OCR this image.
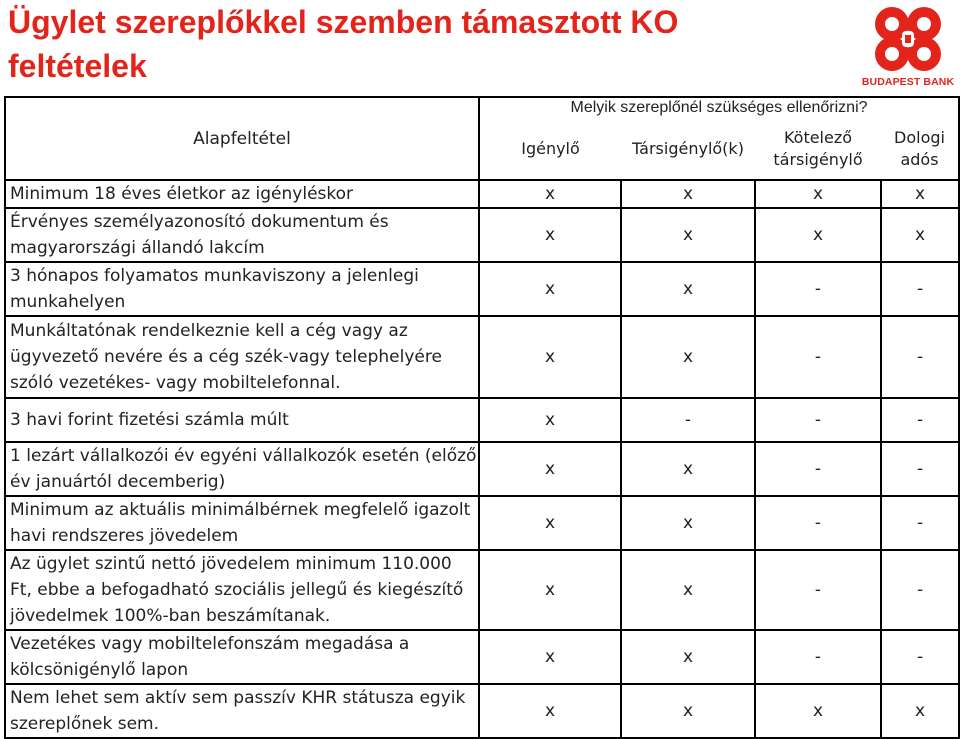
Ügylet szereplőkkel szemben támasztott KO feltételek	BUDAPEST BANK
Alapfeltétel	Melyik szereplőnél szükséges ellenőrizni?			
	Igénylő	Társigénylő(k)	Kötelező társigénylő	Dologi adós
Minimum 18 éves életkor az igényléskor	x	x	x	x
Érvényes személyazonosító dokumentum és magyarországi állandó lakcím	x	x	x	x
3 hónapos folyamatos munkaviszony a jelenlegi munkahelyen	x	x	-	-
Munkáltatónak rendelkeznie kell a cég vagy az ügyvezető nevére és a cég szék-vagy telephelyére szóló vezetékes- vagy mobiltelefonnal.	x	x	-	-
3 havi forint fizetési számla múlt	x	-	-	-
1 lezárt vállalkozói év egyéni vállalkozók esetén (előző év januártól decemberig)	x	x	-	-
Minimum az aktuális minimálbérnek megfelelő igazolt havi rendszeres jövedelem	x	x	-	-
Az ügylet szintű nettó jövedelem minimum 110.000 Ft, ebbe a befogadható szociális jellegű és kiegészítő jövedelmek 100%-ban beszámítanak.	x	x	-	-
Vezetékes vagy mobiltelefonszám megadása a kölcsönigénylő lapon	x	x	-	-
Nem lehet sem aktív sem passzív KHR státusza egyik szereplőnek sem.	x	x	x	x
